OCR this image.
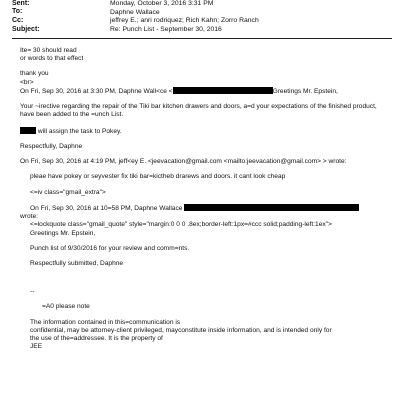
Sent:	Monday, October 3, 2016 3:31 PM
To:	Daphne Wallace
Cc:	jeffrey E.; anri rodriquez; Rich Kahn; Zorro Ranch
Subject:	Re: Punch List - September 30, 2016

Ite= 30 should read

or words to that effect

thank you

<br>

On Fri, Sep 30, 2016 at 3:30 PM, Daphne Wall<ce <	Greetings Mr. Epstein,

Your ~irective regarding the repair of the Tiki bar kitchen drawers and doors, a=d your expectations of the finished product, have been added to the =unch List.

will assign the task to Pokey.

Respectfully, Daphne

On Fri, Sep 30, 2016 at 4:19 PM, jeff<ey E. <jeevacation@gmail.com <mailto:jeevacation@gmail.com> > wrote:

pleae have pokey or seyvester fix tiki bar=kictheb drarews and doors. it cant look cheap

<=iv class="gmail_extra">

On Fri, Sep 30, 2016 at 10=58 PM, Daphne Wallace

wrote:

<=lockquote class="gmail_quote" style="margin:0 0 0 .8ex;border-left:1px=#ccc solid;padding-left:1ex">

Greetings Mr. Epstein,

Punch list of 9/30/2016 for your review and comm=nts.

Respectfully submitted, Daphne

--

=A0 please note

The information contained in this=communication is

confidential, may be attorney-client privileged, mayconstitute inside information, and is intended only for

the use of the=addressee. It is the property of

JEE
